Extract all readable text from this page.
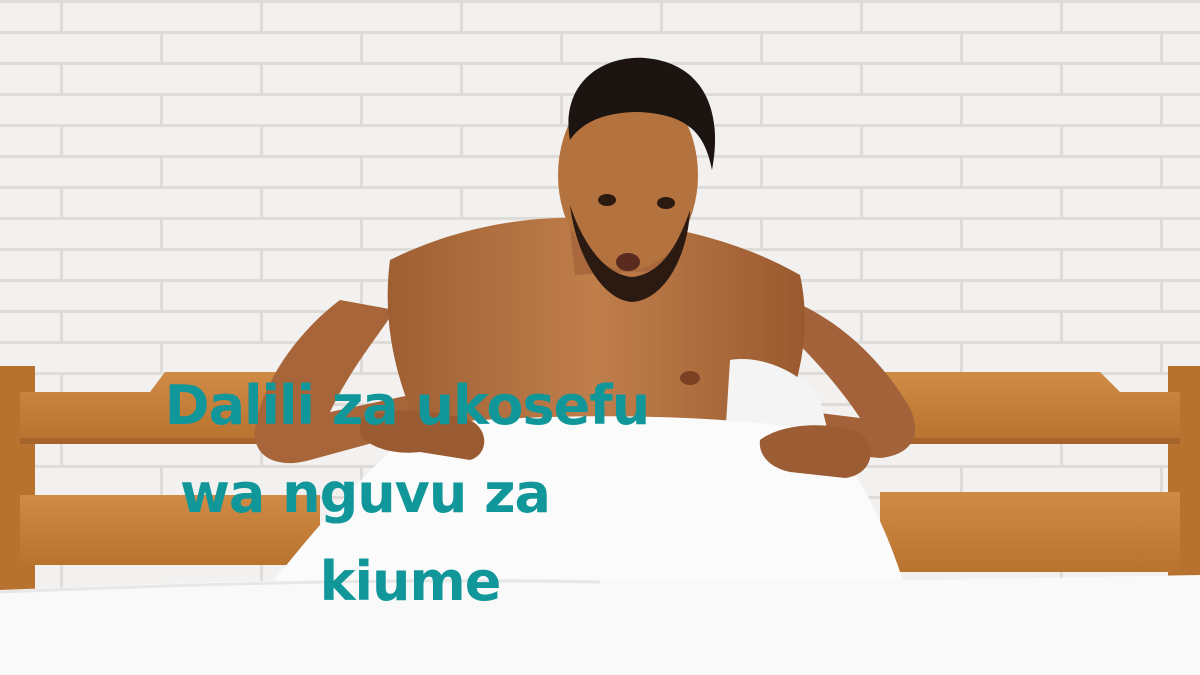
Dalili za ukosefu
wa nguvu za
kiume
